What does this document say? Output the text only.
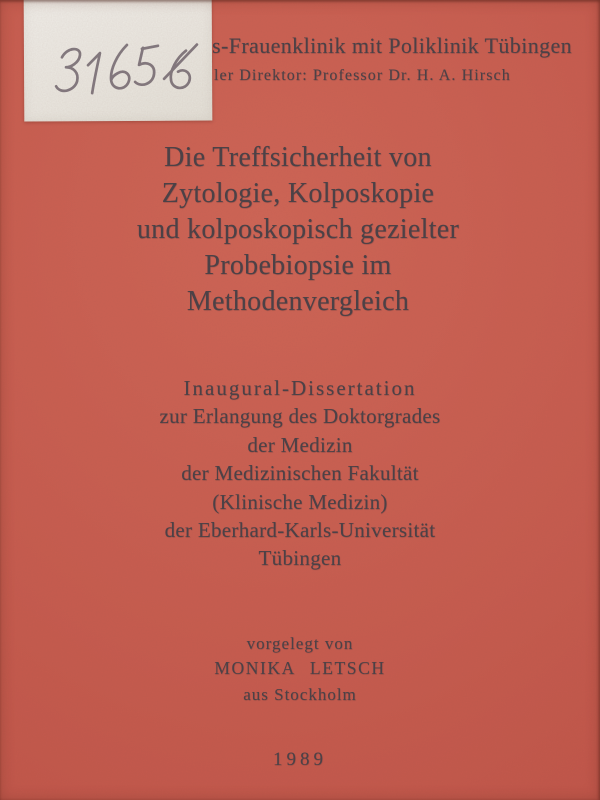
s-Frauenklinik mit Poliklinik Tübingen
ler Direktor: Professor Dr. H. A. Hirsch
Die Treffsicherheit von
Zytologie, Kolposkopie
und kolposkopisch gezielter
Probebiopsie im
Methodenvergleich
Inaugural-Dissertation
zur Erlangung des Doktorgrades
der Medizin
der Medizinischen Fakultät
(Klinische Medizin)
der Eberhard-Karls-Universität
Tübingen
vorgelegt von
MONIKA LETSCH
aus Stockholm
1989
